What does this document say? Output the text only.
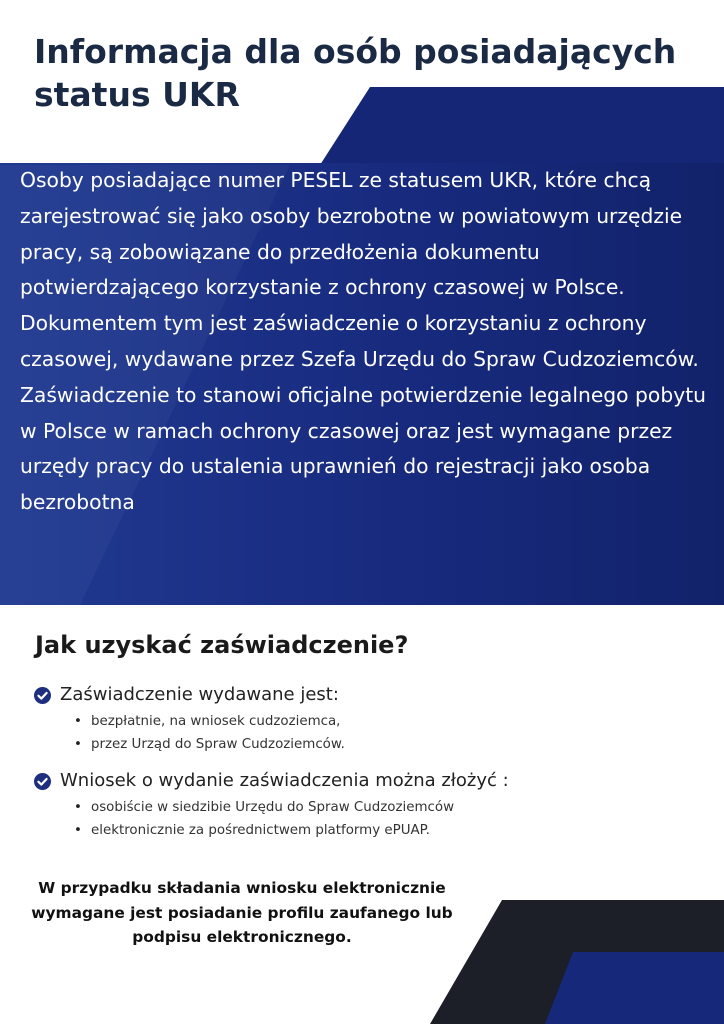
Informacja dla osób posiadających status UKR

Osoby posiadające numer PESEL ze statusem UKR, które chcą zarejestrować się jako osoby bezrobotne w powiatowym urzędzie pracy, są zobowiązane do przedłożenia dokumentu potwierdzającego korzystanie z ochrony czasowej w Polsce.

Dokumentem tym jest zaświadczenie o korzystaniu z ochrony czasowej, wydawane przez Szefa Urzędu do Spraw Cudzoziemców.

Zaświadczenie to stanowi oficjalne potwierdzenie legalnego pobytu w Polsce w ramach ochrony czasowej oraz jest wymagane przez urzędy pracy do ustalenia uprawnień do rejestracji jako osoba bezrobotna

Jak uzyskać zaświadczenie?
Zaświadczenie wydawane jest:
• bezpłatnie, na wniosek cudzoziemca,
• przez Urząd do Spraw Cudzoziemców.
Wniosek o wydanie zaświadczenia można złożyć :
• osobiście w siedzibie Urzędu do Spraw Cudzoziemców
• elektronicznie za pośrednictwem platformy ePUAP.

W przypadku składania wniosku elektronicznie wymagane jest posiadanie profilu zaufanego lub podpisu elektronicznego.
